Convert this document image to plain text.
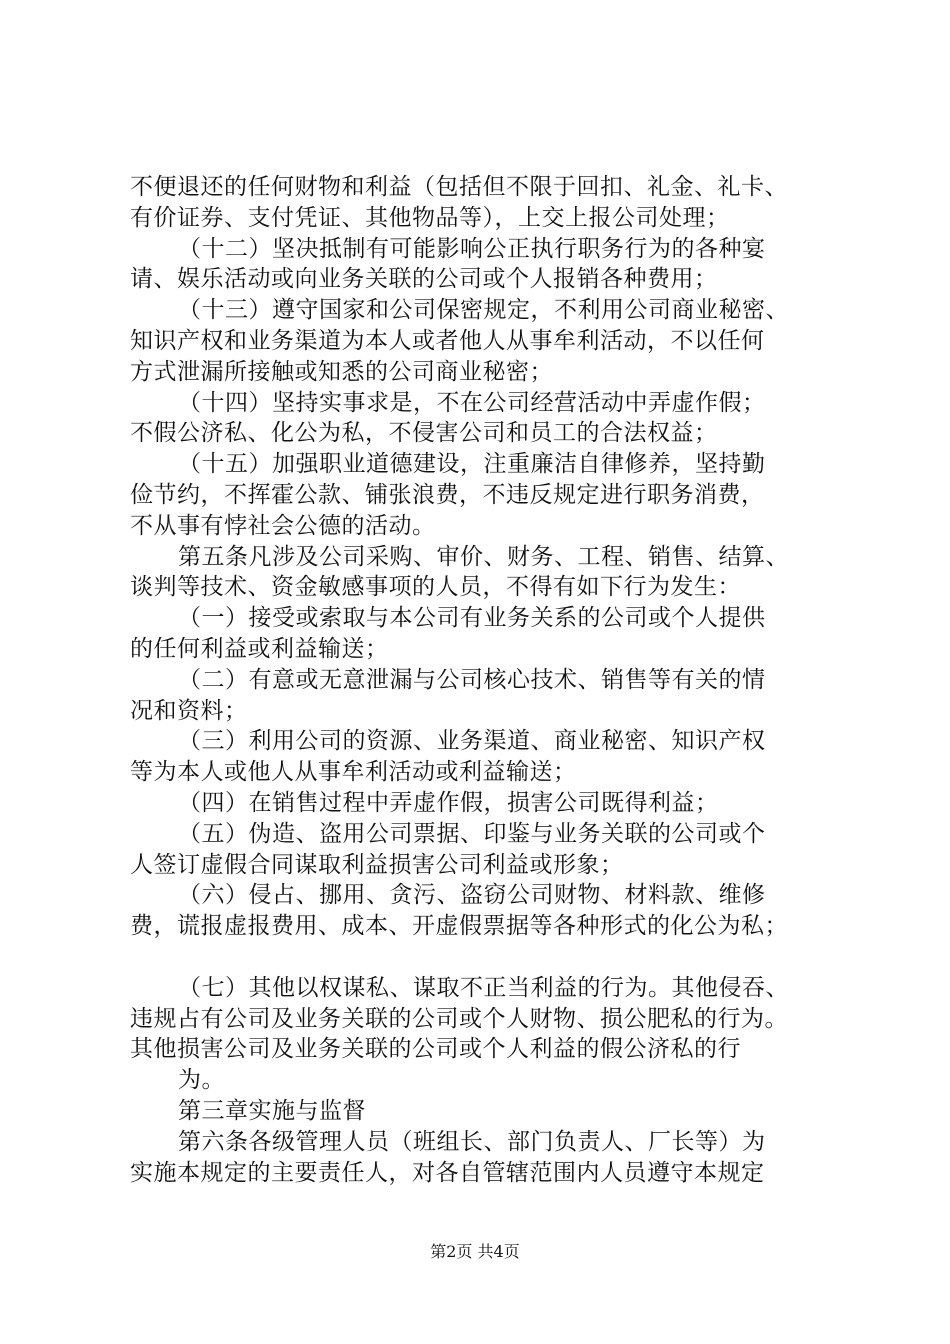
不便退还的任何财物和利益（包括但不限于回扣、礼金、礼卡、
有价证券、支付凭证、其他物品等），上交上报公司处理；
（十二）坚决抵制有可能影响公正执行职务行为的各种宴
请、娱乐活动或向业务关联的公司或个人报销各种费用；
（十三）遵守国家和公司保密规定，不利用公司商业秘密、
知识产权和业务渠道为本人或者他人从事牟利活动，不以任何
方式泄漏所接触或知悉的公司商业秘密；
（十四）坚持实事求是，不在公司经营活动中弄虚作假；
不假公济私、化公为私，不侵害公司和员工的合法权益；
（十五）加强职业道德建设，注重廉洁自律修养，坚持勤
俭节约，不挥霍公款、铺张浪费，不违反规定进行职务消费，
不从事有悖社会公德的活动。
第五条凡涉及公司采购、审价、财务、工程、销售、结算、
谈判等技术、资金敏感事项的人员，不得有如下行为发生：
（一）接受或索取与本公司有业务关系的公司或个人提供
的任何利益或利益输送；
（二）有意或无意泄漏与公司核心技术、销售等有关的情
况和资料；
（三）利用公司的资源、业务渠道、商业秘密、知识产权
等为本人或他人从事牟利活动或利益输送；
（四）在销售过程中弄虚作假，损害公司既得利益；
（五）伪造、盗用公司票据、印鉴与业务关联的公司或个
人签订虚假合同谋取利益损害公司利益或形象；
（六）侵占、挪用、贪污、盗窃公司财物、材料款、维修
费，谎报虚报费用、成本、开虚假票据等各种形式的化公为私；
（七）其他以权谋私、谋取不正当利益的行为。其他侵吞、
违规占有公司及业务关联的公司或个人财物、损公肥私的行为。
其他损害公司及业务关联的公司或个人利益的假公济私的行
为。
第三章实施与监督
第六条各级管理人员（班组长、部门负责人、厂长等）为
实施本规定的主要责任人，对各自管辖范围内人员遵守本规定
第2页 共4页
